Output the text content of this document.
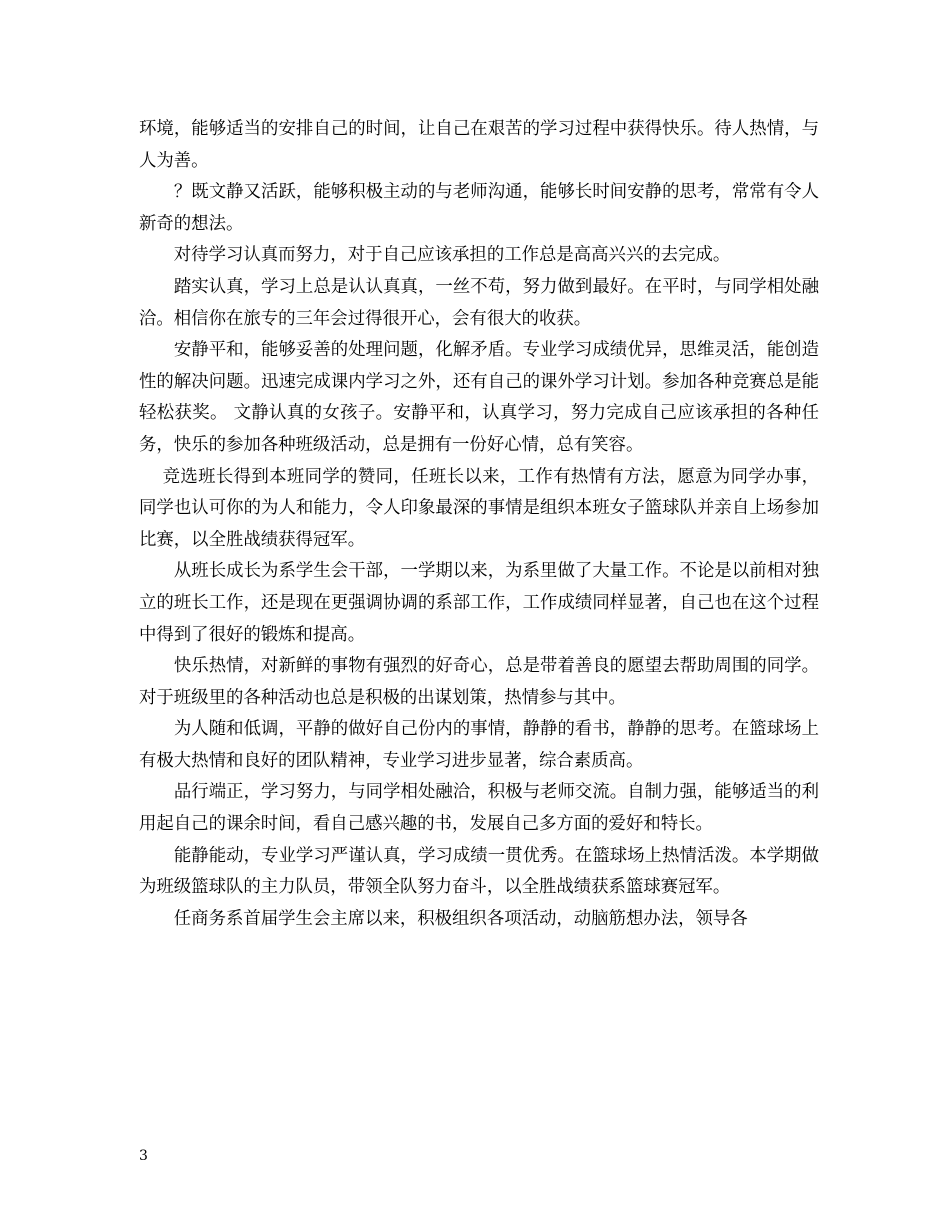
环境，能够适当的安排自己的时间，让自己在艰苦的学习过程中获得快乐。待人热情，与人为善。

　　？既文静又活跃，能够积极主动的与老师沟通，能够长时间安静的思考，常常有令人新奇的想法。

　　对待学习认真而努力，对于自己应该承担的工作总是高高兴兴的去完成。

　　踏实认真，学习上总是认认真真，一丝不苟，努力做到最好。在平时，与同学相处融洽。相信你在旅专的三年会过得很开心，会有很大的收获。

　　安静平和，能够妥善的处理问题，化解矛盾。专业学习成绩优异，思维灵活，能创造性的解决问题。迅速完成课内学习之外，还有自己的课外学习计划。参加各种竞赛总是能轻松获奖。 文静认真的女孩子。安静平和，认真学习，努力完成自己应该承担的各种任务，快乐的参加各种班级活动，总是拥有一份好心情，总有笑容。

　 竞选班长得到本班同学的赞同，任班长以来，工作有热情有方法，愿意为同学办事，同学也认可你的为人和能力，令人印象最深的事情是组织本班女子篮球队并亲自上场参加比赛，以全胜战绩获得冠军。

　　从班长成长为系学生会干部，一学期以来，为系里做了大量工作。不论是以前相对独立的班长工作，还是现在更强调协调的系部工作，工作成绩同样显著，自己也在这个过程中得到了很好的锻炼和提高。

　　快乐热情，对新鲜的事物有强烈的好奇心，总是带着善良的愿望去帮助周围的同学。对于班级里的各种活动也总是积极的出谋划策，热情参与其中。

　　为人随和低调，平静的做好自己份内的事情，静静的看书，静静的思考。在篮球场上有极大热情和良好的团队精神，专业学习进步显著，综合素质高。

　　品行端正，学习努力，与同学相处融洽，积极与老师交流。自制力强，能够适当的利用起自己的课余时间，看自己感兴趣的书，发展自己多方面的爱好和特长。

　　能静能动，专业学习严谨认真，学习成绩一贯优秀。在篮球场上热情活泼。本学期做为班级篮球队的主力队员，带领全队努力奋斗，以全胜战绩获系篮球赛冠军。

　　任商务系首届学生会主席以来，积极组织各项活动，动脑筋想办法，领导各

3
